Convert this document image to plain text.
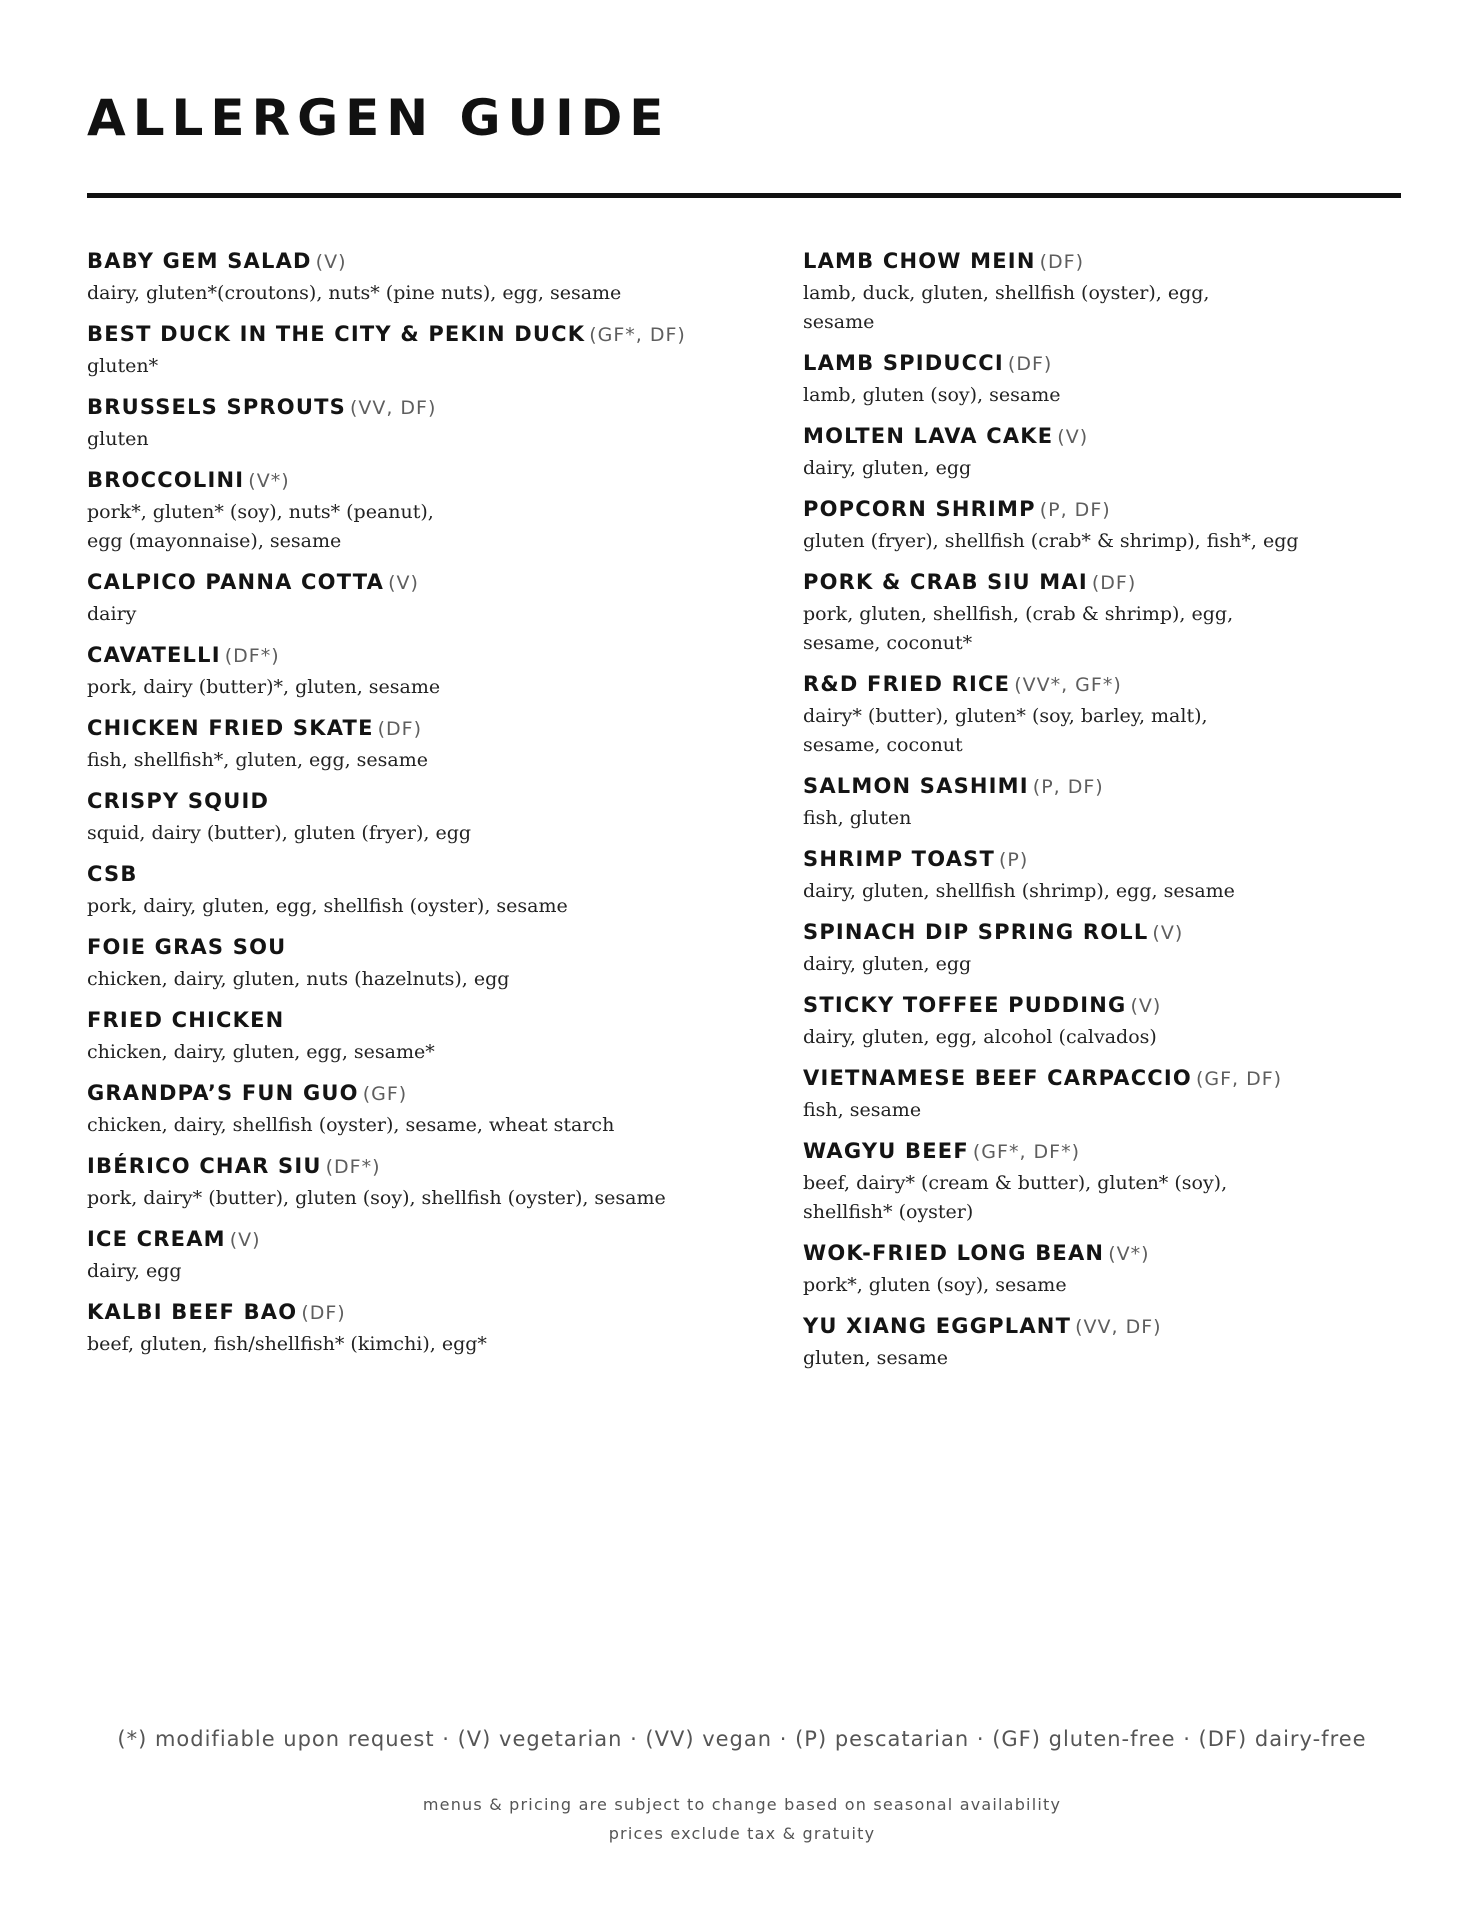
ALLERGEN GUIDE

BABY GEM SALAD (V)

dairy, gluten*(croutons), nuts* (pine nuts), egg, sesame

BEST DUCK IN THE CITY & PEKIN DUCK (GF*, DF)

gluten*

BRUSSELS SPROUTS (VV, DF)

gluten

BROCCOLINI (V*)

pork*, gluten* (soy), nuts* (peanut), egg (mayonnaise), sesame

CALPICO PANNA COTTA (V)

dairy

CAVATELLI (DF*)

pork, dairy (butter)*, gluten, sesame

CHICKEN FRIED SKATE (DF)

fish, shellfish*, gluten, egg, sesame

CRISPY SQUID

squid, dairy (butter), gluten (fryer), egg

CSB

pork, dairy, gluten, egg, shellfish (oyster), sesame

FOIE GRAS SOU

chicken, dairy, gluten, nuts (hazelnuts), egg

FRIED CHICKEN

chicken, dairy, gluten, egg, sesame*

GRANDPA’S FUN GUO (GF)

chicken, dairy, shellfish (oyster), sesame, wheat starch

IBÉRICO CHAR SIU (DF*)

pork, dairy* (butter), gluten (soy), shellfish (oyster), sesame

ICE CREAM (V)

dairy, egg

KALBI BEEF BAO (DF)

beef, gluten, fish/shellfish* (kimchi), egg*

LAMB CHOW MEIN (DF)

lamb, duck, gluten, shellfish (oyster), egg, sesame

LAMB SPIDUCCI (DF)

lamb, gluten (soy), sesame

MOLTEN LAVA CAKE (V)

dairy, gluten, egg

POPCORN SHRIMP (P, DF)

gluten (fryer), shellfish (crab* & shrimp), fish*, egg

PORK & CRAB SIU MAI (DF)

pork, gluten, shellfish, (crab & shrimp), egg, sesame, coconut*

R&D FRIED RICE (VV*, GF*)

dairy* (butter), gluten* (soy, barley, malt), sesame, coconut

SALMON SASHIMI (P, DF)

fish, gluten

SHRIMP TOAST (P)

dairy, gluten, shellfish (shrimp), egg, sesame

SPINACH DIP SPRING ROLL (V)

dairy, gluten, egg

STICKY TOFFEE PUDDING (V)

dairy, gluten, egg, alcohol (calvados)

VIETNAMESE BEEF CARPACCIO (GF, DF)

fish, sesame

WAGYU BEEF (GF*, DF*)

beef, dairy* (cream & butter), gluten* (soy), shellfish* (oyster)

WOK-FRIED LONG BEAN (V*)

pork*, gluten (soy), sesame

YU XIANG EGGPLANT (VV, DF)

gluten, sesame

(*) modifiable upon request · (V) vegetarian · (VV) vegan · (P) pescatarian · (GF) gluten-free · (DF) dairy-free
menus & pricing are subject to change based on seasonal availability
prices exclude tax & gratuity
